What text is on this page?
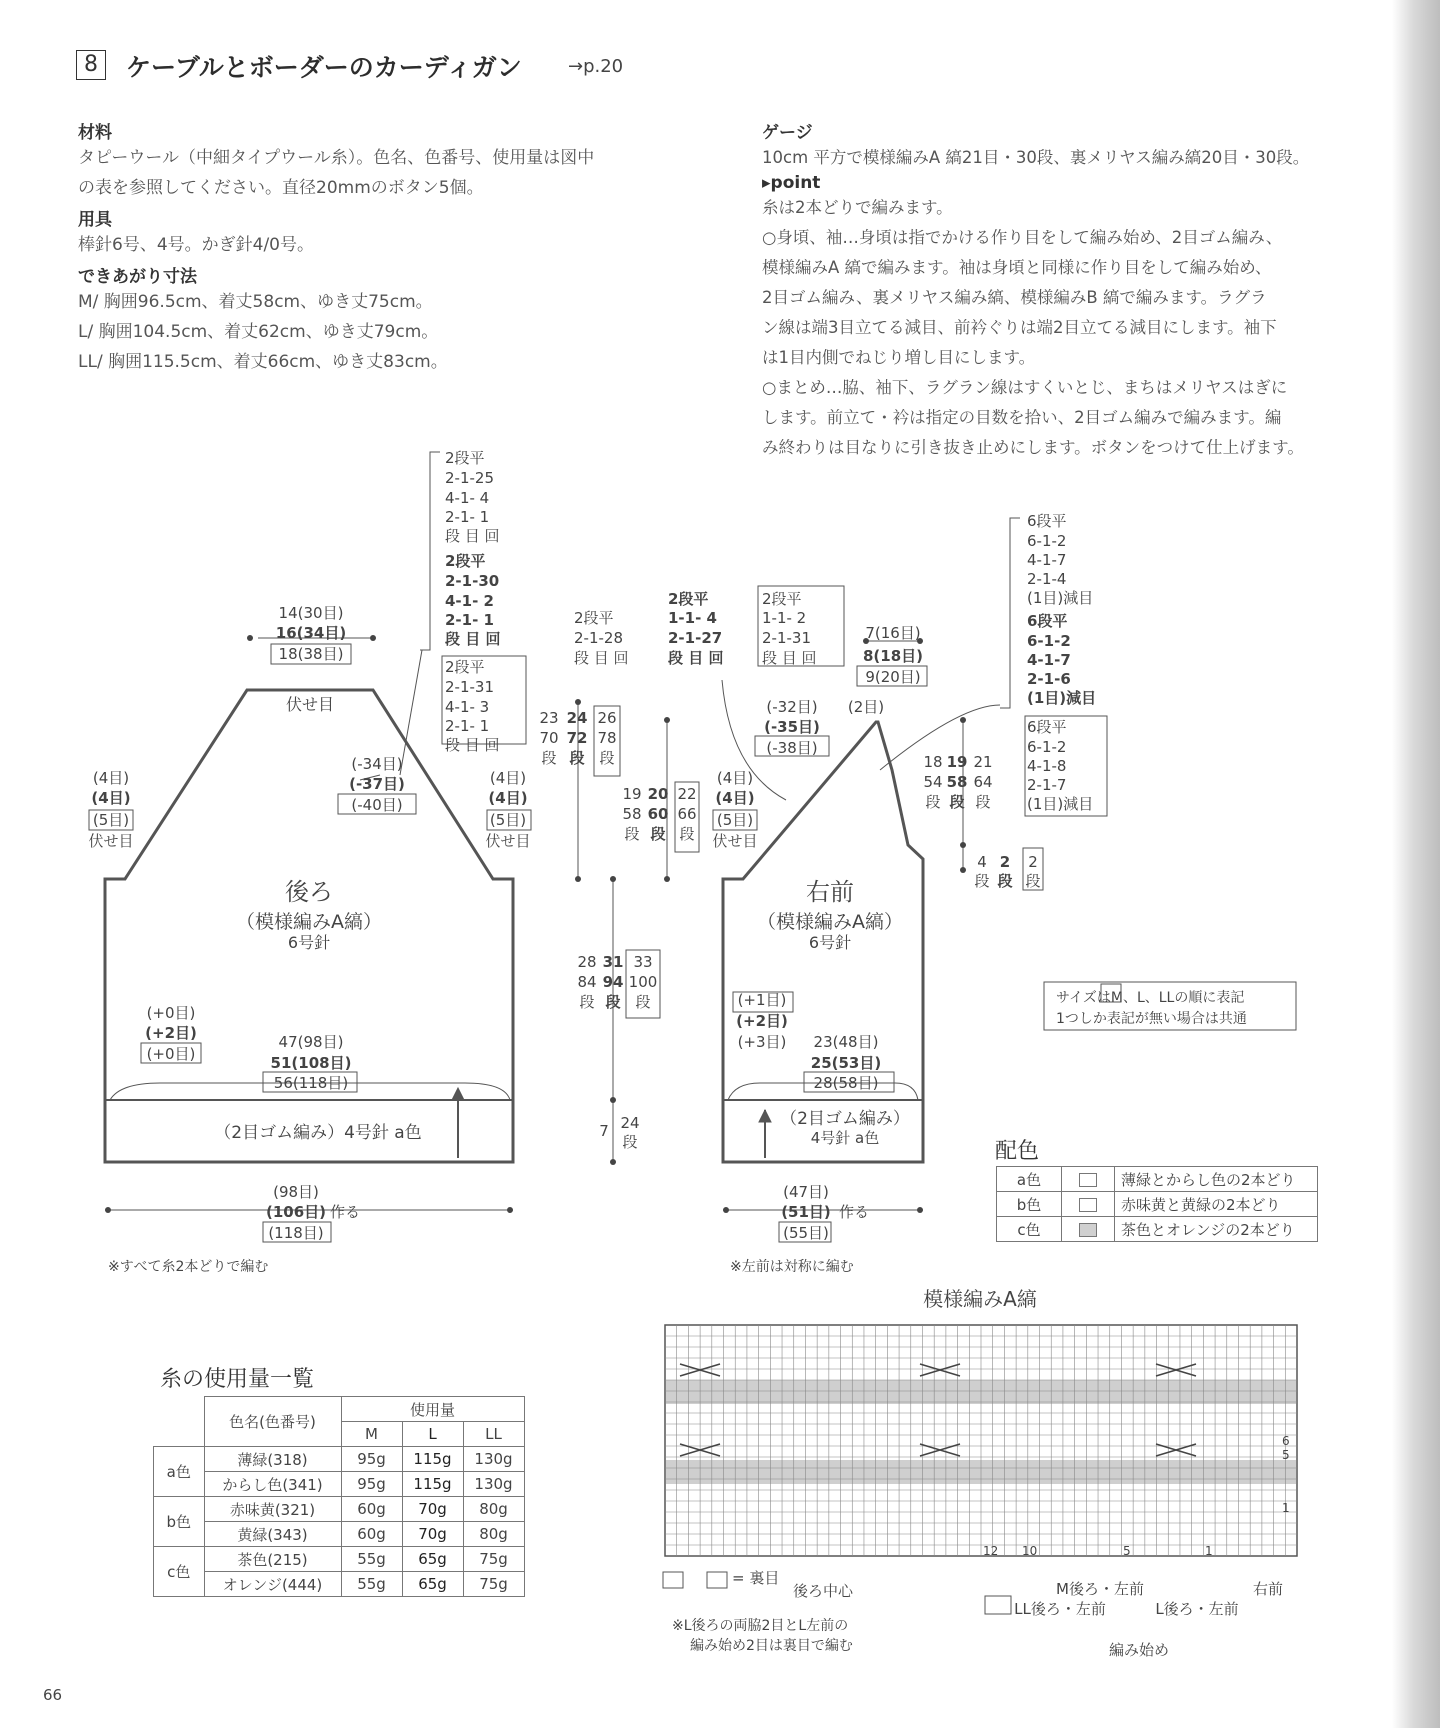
8	ケーブルとボーダーのカーディガン	→p.20

材料

タピーウール（中細タイプウール糸）。色名、色番号、使用量は図中

の表を参照してください。直径20mmのボタン5個。

用具

棒針6号、4号。かぎ針4/0号。

できあがり寸法

M/ 胸囲96.5cm、着丈58cm、ゆき丈75cm。

L/ 胸囲104.5cm、着丈62cm、ゆき丈79cm。

LL/ 胸囲115.5cm、着丈66cm、ゆき丈83cm。

ゲージ

10cm 平方で模様編みA 縞21目・30段、裏メリヤス編み縞20目・30段。

▸point

糸は2本どりで編みます。

○身頃、袖…身頃は指でかける作り目をして編み始め、2目ゴム編み、

模様編みA 縞で編みます。袖は身頃と同様に作り目をして編み始め、

2目ゴム編み、裏メリヤス編み縞、模様編みB 縞で編みます。ラグラ

ン線は端3目立てる減目、前衿ぐりは端2目立てる減目にします。袖下

は1目内側でねじり増し目にします。

○まとめ…脇、袖下、ラグラン線はすくいとじ、まちはメリヤスはぎに

します。前立て・衿は指定の目数を拾い、2目ゴム編みで編みます。編

み終わりは目なりに引き抜き止めにします。ボタンをつけて仕上げます。

後ろ
（模様編みA縞）
6号針
伏せ目
14(30目)
16(34目)
18(38目)
2段平
2-1-25
4-1- 4
2-1- 1
段 目 回
2段平
2-1-30
4-1- 2
2-1- 1
段 目 回
2段平
2-1-31
4-1- 3
2-1- 1
段 目 回
(-34目)
(-37目)
(-40目)
(4目)
(4目)
(5目)
伏せ目
(4目)
(4目)
(5目)
伏せ目
(+0目)
(+2目)
(+0目)
47(98目)
51(108目)
56(118目)
（2目ゴム編み）4号針 a色
(98目)
(106目) 作る
(118目)
※すべて糸2本どりで編む
2段平
2-1-28
段 目 回
2段平
1-1- 4
2-1-27
段 目 回
2段平
1-1- 2
2-1-31
段 目 回
23
70
段
24
72
段
26
78
段
19
58
段
20
60
段
22
66
段
28
84
段
31
94
段
33
100
段
7 24
段
右前
（模様編みA縞）
6号針
7(16目)
8(18目)
9(20目)
(-32目)
(-35目)
(-38目)
(2目)
(4目)
(4目)
(5目)
伏せ目
6段平
6-1-2
4-1-7
2-1-4
(1目)減目
6段平
6-1-2
4-1-7
2-1-6
(1目)減目
6段平
6-1-2
4-1-8
2-1-7
(1目)減目
18
54
段
19
58
段
21
64
段
4
段
2
段
2
段
(+1目)
(+2目)
(+3目) 23(48目)
25(53目)
28(58目)
（2目ゴム編み）
4号針 a色
(47目)
(51目) 作る
(55目)
※左前は対称に編む
サイズはM、L、LLの順に表記
1つしか表記が無い場合は共通
模様編みA縞
6
5
1
12 10	5	1
= 裏目
後ろ中心	M後ろ・左前
LL後ろ・左前	L後ろ・左前
右前
編み始め
※L後ろの両脇2目とL左前の
編み始め2目は裏目で編む
66
配色
a色		薄緑とからし色の2本どり
b色		赤味黄と黄緑の2本どり
c色		茶色とオレンジの2本どり
糸の使用量一覧
	色名(色番号)	使用量		
		M	L	LL
a色	薄緑(318)	95g	115g	130g
	からし色(341)	95g	115g	130g
b色	赤味黄(321)	60g	70g	80g
	黄緑(343)	60g	70g	80g
c色	茶色(215)	55g	65g	75g
	オレンジ(444)	55g	65g	75g
